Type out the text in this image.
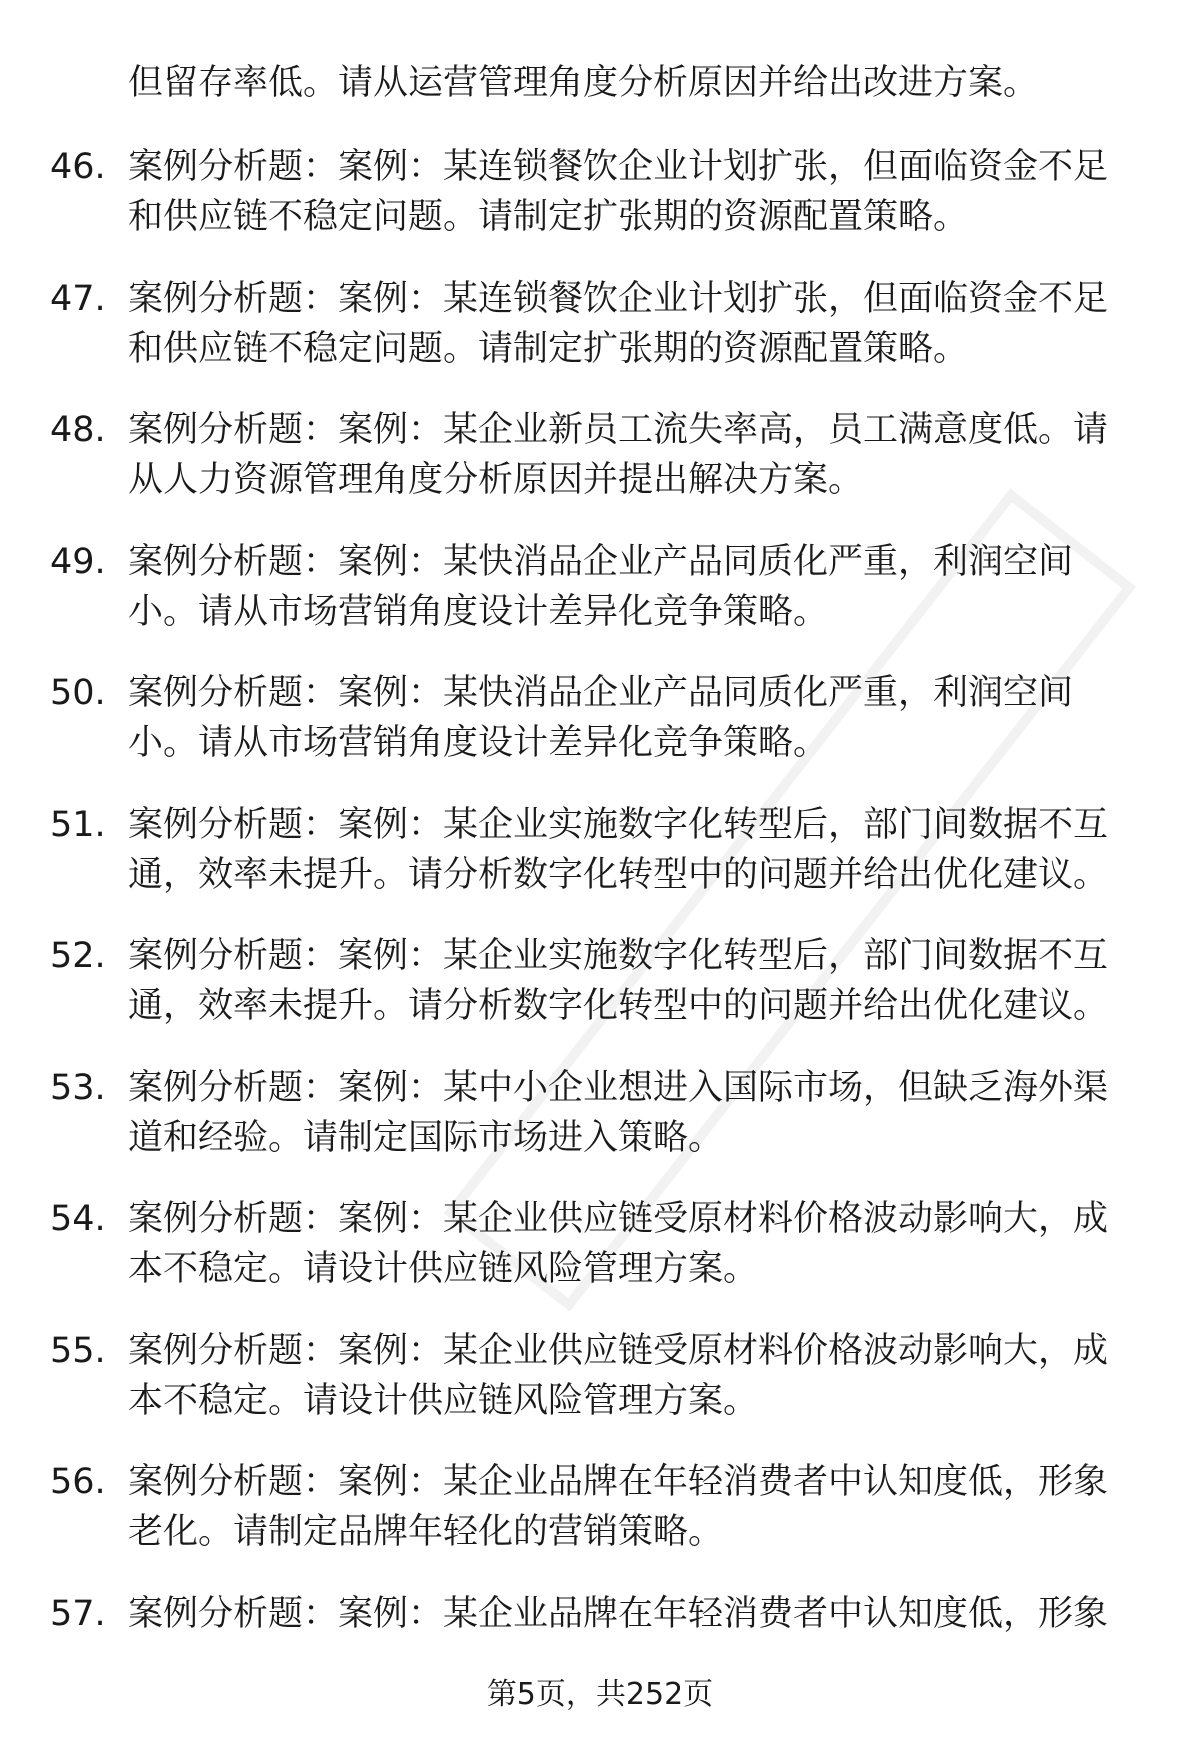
但留存率低。请从运营管理角度分析原因并给出改进方案。
46. 案例分析题：案例：某连锁餐饮企业计划扩张，但面临资金不足
和供应链不稳定问题。请制定扩张期的资源配置策略。
47. 案例分析题：案例：某连锁餐饮企业计划扩张，但面临资金不足
和供应链不稳定问题。请制定扩张期的资源配置策略。
48. 案例分析题：案例：某企业新员工流失率高，员工满意度低。请
从人力资源管理角度分析原因并提出解决方案。
49. 案例分析题：案例：某快消品企业产品同质化严重，利润空间
小。请从市场营销角度设计差异化竞争策略。
50. 案例分析题：案例：某快消品企业产品同质化严重，利润空间
小。请从市场营销角度设计差异化竞争策略。
51. 案例分析题：案例：某企业实施数字化转型后，部门间数据不互
通，效率未提升。请分析数字化转型中的问题并给出优化建议。
52. 案例分析题：案例：某企业实施数字化转型后，部门间数据不互
通，效率未提升。请分析数字化转型中的问题并给出优化建议。
53. 案例分析题：案例：某中小企业想进入国际市场，但缺乏海外渠
道和经验。请制定国际市场进入策略。
54. 案例分析题：案例：某企业供应链受原材料价格波动影响大，成
本不稳定。请设计供应链风险管理方案。
55. 案例分析题：案例：某企业供应链受原材料价格波动影响大，成
本不稳定。请设计供应链风险管理方案。
56. 案例分析题：案例：某企业品牌在年轻消费者中认知度低，形象
老化。请制定品牌年轻化的营销策略。
57. 案例分析题：案例：某企业品牌在年轻消费者中认知度低，形象
第5页，共252页
